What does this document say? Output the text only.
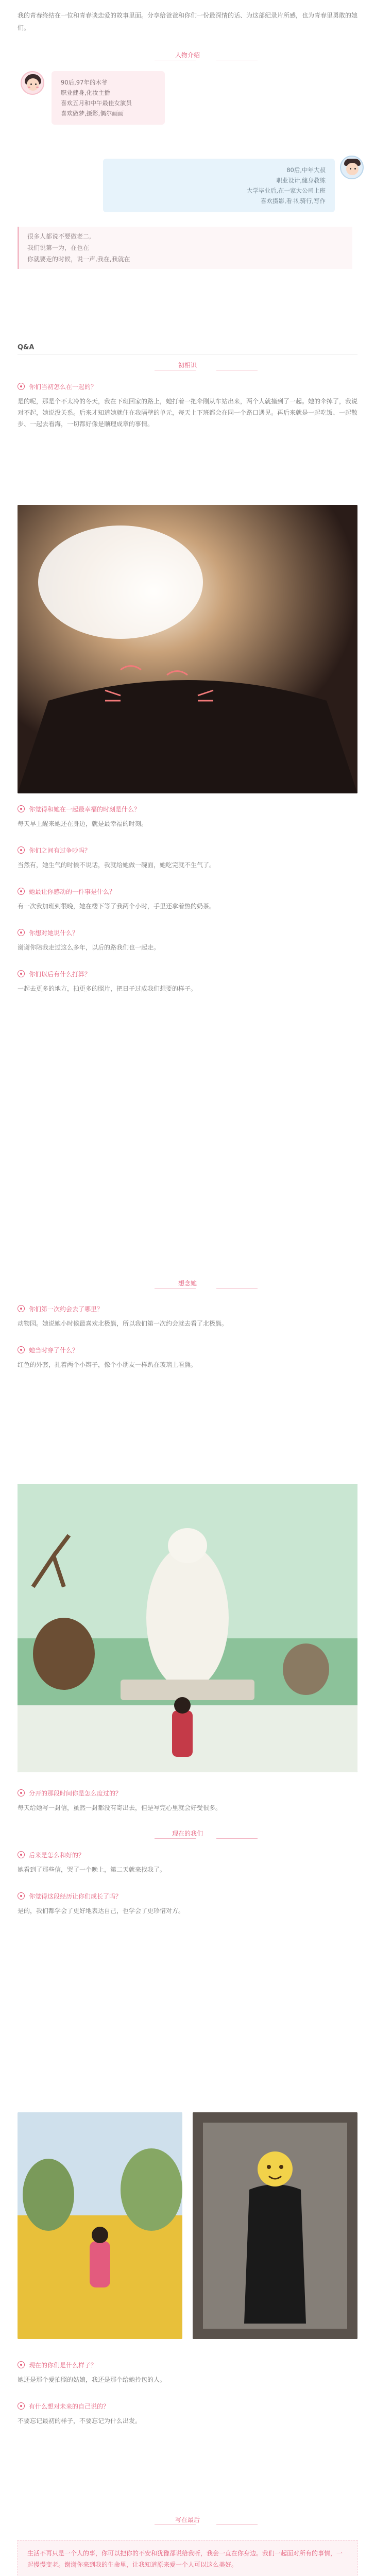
我的青春终结在一位和青春谈恋爱的故事里面。分享给爸爸和你们一份最深情的话、为这部纪录片所感，也为青春里勇敢的她们。
人物介绍
90后,97年的木爷
职业健身,化妆主播
喜欢五月和中午最佳女演员
喜欢做梦,摄影,偶尔画画
80后,中年大叔
职业设计,健身教练
大学毕业后,在一家大公司上班
喜欢摄影,看书,骑行,写作
很多人都说不要做老二,
我们说第一为，在也在
你就要走的时候，说一声,我在,我就在
Q&A
初相识
你们当初怎么在一起的？
是的呢，那是个不太冷的冬天，我在下班回家的路上，她打着一把伞刚从车站出来，两个人就撞到了一起。她的伞掉了，我说对不起，她说没关系。后来才知道她就住在我隔壁的单元，每天上下班都会在同一个路口遇见。再后来就是一起吃饭、一起散步、一起去看海，一切都好像是顺理成章的事情。
你觉得和她在一起最幸福的时刻是什么？
每天早上醒来她还在身边，就是最幸福的时刻。
你们之间有过争吵吗？
当然有，她生气的时候不说话，我就给她做一碗面，她吃完就不生气了。
她最让你感动的一件事是什么？
有一次我加班到很晚，她在楼下等了我两个小时，手里还拿着热的奶茶。
你想对她说什么？
谢谢你陪我走过这么多年，以后的路我们也一起走。
你们以后有什么打算？
一起去更多的地方，拍更多的照片，把日子过成我们想要的样子。
想念她
你们第一次约会去了哪里？
动物园。她说她小时候最喜欢北极熊，所以我们第一次约会就去看了北极熊。
她当时穿了什么？
红色的外套，扎着两个小辫子，像个小朋友一样趴在玻璃上看熊。
分开的那段时间你是怎么度过的？
每天给她写一封信，虽然一封都没有寄出去，但是写完心里就会好受很多。
现在的我们
后来是怎么和好的？
她看到了那些信，哭了一个晚上，第二天就来找我了。
你觉得这段经历让你们成长了吗？
是的，我们都学会了更好地表达自己，也学会了更珍惜对方。
现在的你们是什么样子？
她还是那个爱拍照的姑娘，我还是那个给她拎包的人。
有什么想对未来的自己说的？
不要忘记最初的样子，不要忘记为什么出发。
写在最后
生活不再只是一个人的事，你可以把你的不安和犹豫都说给我听，我会一直在你身边。我们一起面对所有的事情，一起慢慢变老。谢谢你来到我的生命里，让我知道原来爱一个人可以这么美好。
